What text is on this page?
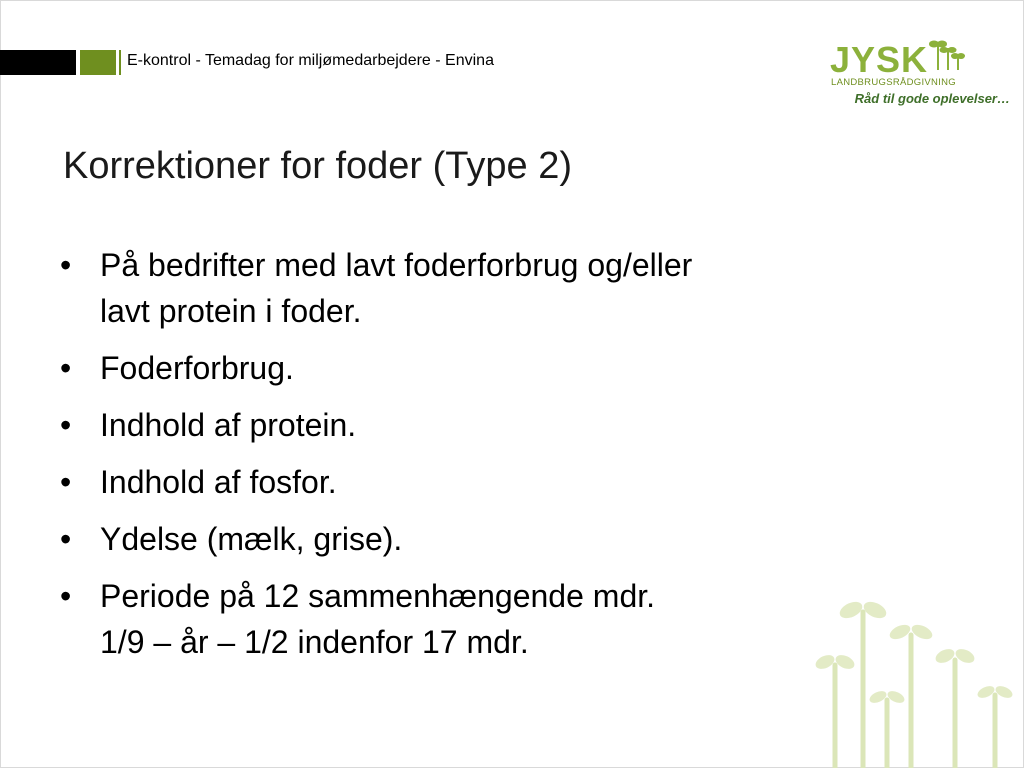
E-kontrol - Temadag for miljømedarbejdere - Envina	JYSK
LANDBRUGSRÅDGIVNING
Råd til gode oplevelser…
Korrektioner for foder (Type 2)
• På bedrifter med lavt foderforbrug og/eller
lavt protein i foder.
• Foderforbrug.
• Indhold af protein.
• Indhold af fosfor.
• Ydelse (mælk, grise).
• Periode på 12 sammenhængende mdr.
1/9 – år – 1/2 indenfor 17 mdr.
